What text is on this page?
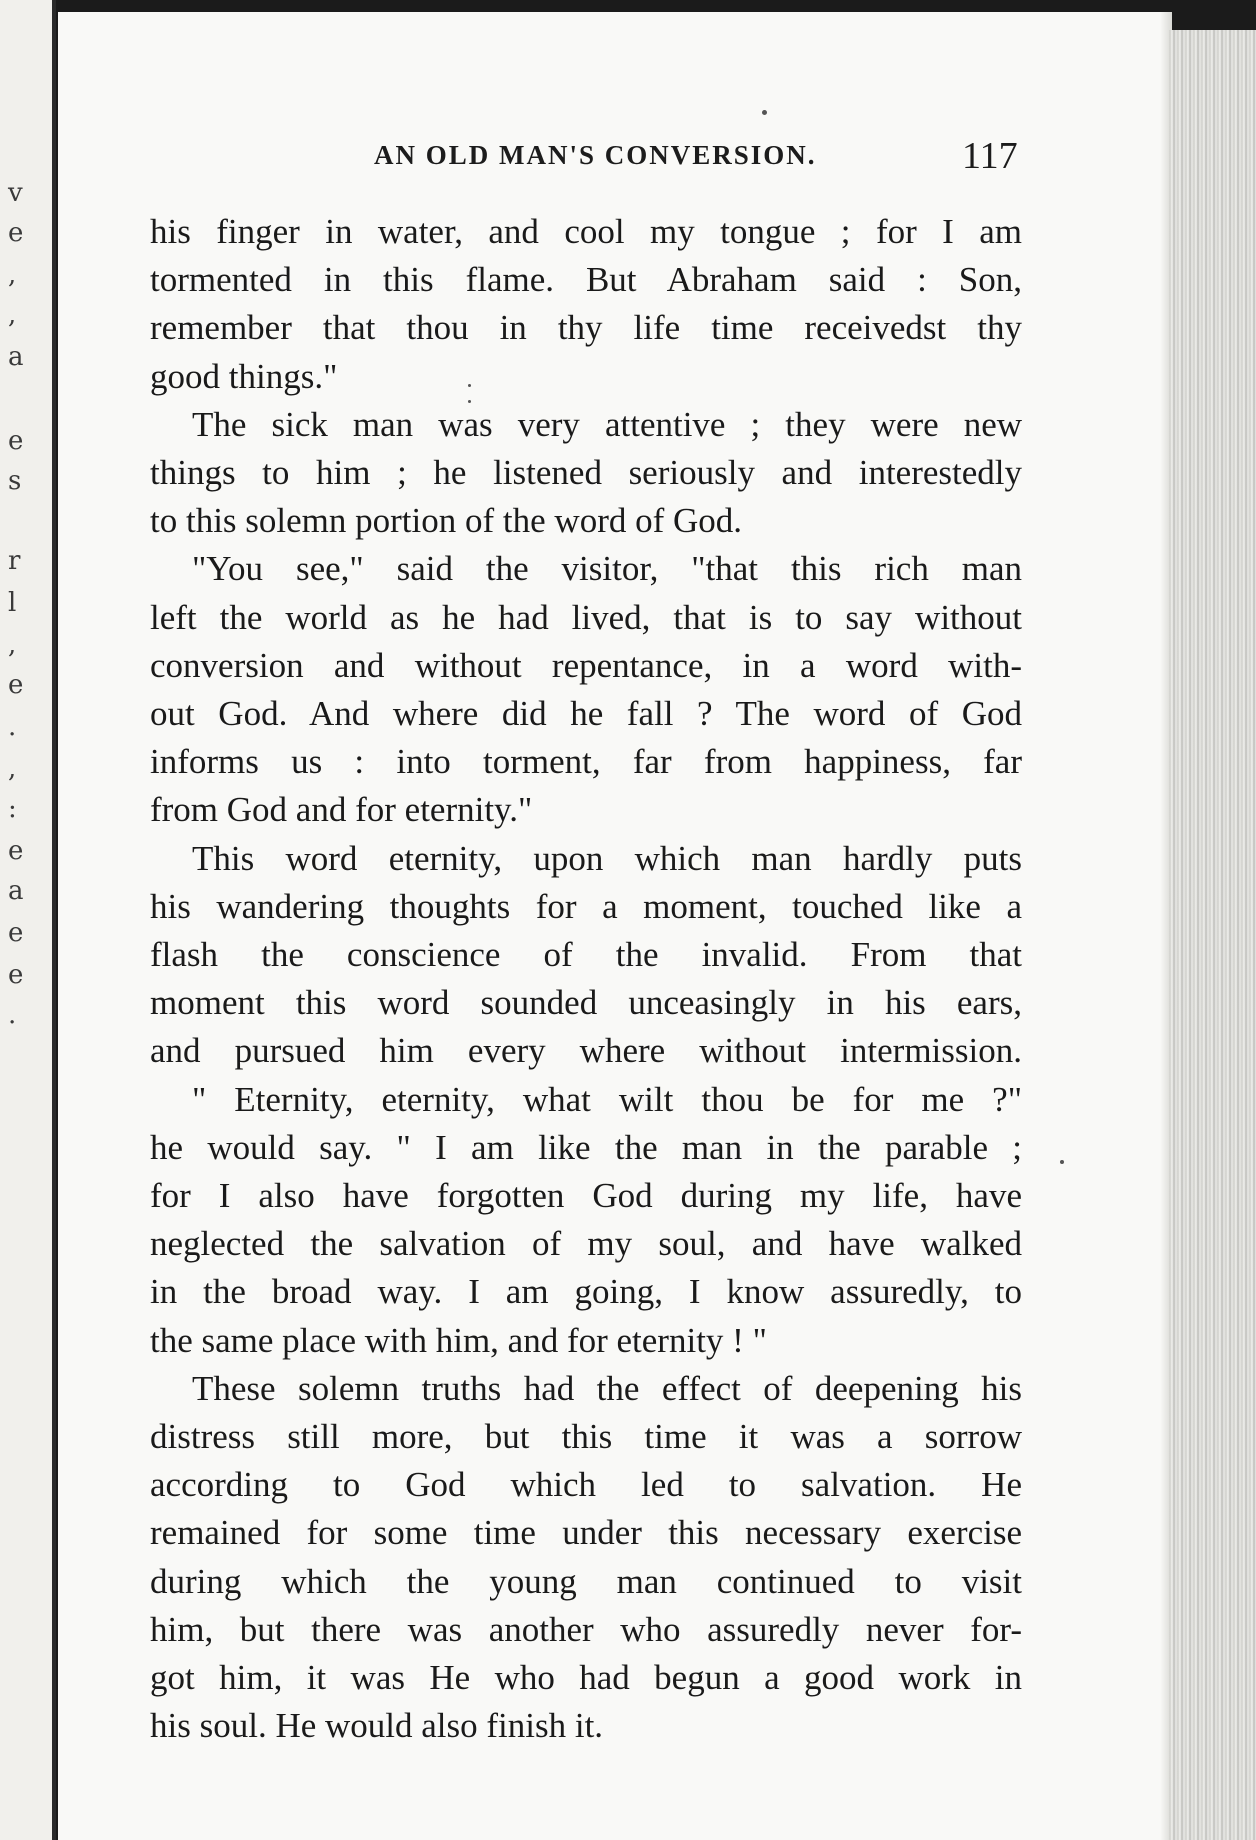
v
e
,
,
a
e
s
r
l
,
e
.
,
:
e
a
e
e
.
AN OLD MAN'S CONVERSION.	117
his finger in water, and cool my tongue ; for I am
tormented in this flame. But Abraham said : Son,
remember that thou in thy life time receivedst thy
good things."
The sick man was very attentive ; they were new
things to him ; he listened seriously and interestedly
to this solemn portion of the word of God.
"You see," said the visitor, "that this rich man
left the world as he had lived, that is to say without
conversion and without repentance, in a word with-
out God. And where did he fall ? The word of God
informs us : into torment, far from happiness, far
from God and for eternity."
This word eternity, upon which man hardly puts
his wandering thoughts for a moment, touched like a
flash the conscience of the invalid. From that
moment this word sounded unceasingly in his ears,
and pursued him every where without intermission.
" Eternity, eternity, what wilt thou be for me ?"
he would say. " I am like the man in the parable ;
for I also have forgotten God during my life, have
neglected the salvation of my soul, and have walked
in the broad way. I am going, I know assuredly, to
the same place with him, and for eternity ! "
These solemn truths had the effect of deepening his
distress still more, but this time it was a sorrow
according to God which led to salvation. He
remained for some time under this necessary exercise
during which the young man continued to visit
him, but there was another who assuredly never for-
got him, it was He who had begun a good work in
his soul. He would also finish it.
